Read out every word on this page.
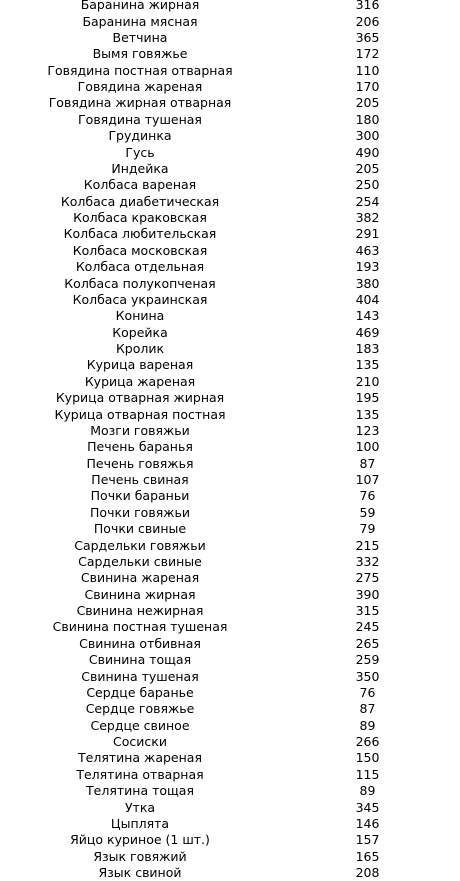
Баранина жирная	316
Баранина мясная	206
Ветчина	365
Вымя говяжье	172
Говядина постная отварная	110
Говядина жареная	170
Говядина жирная отварная	205
Говядина тушеная	180
Грудинка	300
Гусь	490
Индейка	205
Колбаса вареная	250
Колбаса диабетическая	254
Колбаса краковская	382
Колбаса любительская	291
Колбаса московская	463
Колбаса отдельная	193
Колбаса полукопченая	380
Колбаса украинская	404
Конина	143
Корейка	469
Кролик	183
Курица вареная	135
Курица жареная	210
Курица отварная жирная	195
Курица отварная постная	135
Мозги говяжьи	123
Печень баранья	100
Печень говяжья	87
Печень свиная	107
Почки бараньи	76
Почки говяжьи	59
Почки свиные	79
Сардельки говяжьи	215
Сардельки свиные	332
Свинина жареная	275
Свинина жирная	390
Свинина нежирная	315
Свинина постная тушеная	245
Свинина отбивная	265
Свинина тощая	259
Свинина тушеная	350
Сердце баранье	76
Сердце говяжье	87
Сердце свиное	89
Сосиски	266
Телятина жареная	150
Телятина отварная	115
Телятина тощая	89
Утка	345
Цыплята	146
Яйцо куриное (1 шт.)	157
Язык говяжий	165
Язык свиной	208
